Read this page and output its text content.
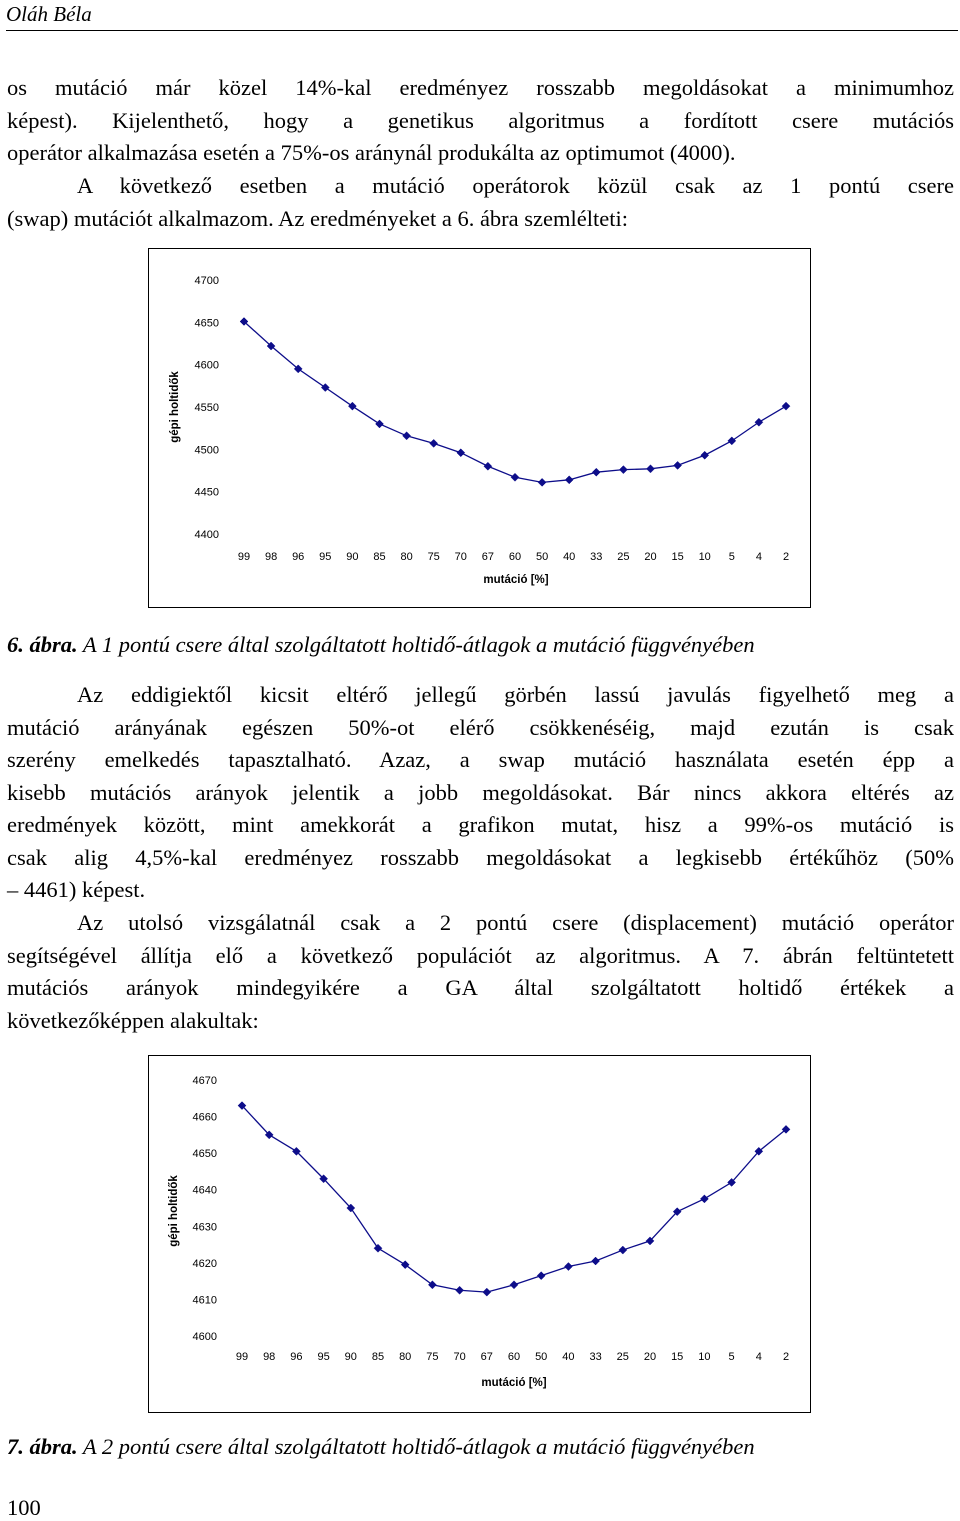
Oláh Béla
os mutáció már közel 14%-kal eredményez rosszabb megoldásokat a minimumhoz
képest). Kijelenthető, hogy a genetikus algoritmus a fordított csere mutációs
operátor alkalmazása esetén a 75%-os aránynál produkálta az optimumot (4000).
A következő esetben a mutáció operátorok közül csak az 1 pontú csere
(swap) mutációt alkalmazom. Az eredményeket a 6. ábra szemlélteti:
4700
4650
4600
4550
4500
4450
4400
99 98 96 95 90 85 80 75 70 67 60 50 40 33 25 20 15 10 5 4 2
mutáció [%]
gépi holtidők
6. ábra. A 1 pontú csere által szolgáltatott holtidő-átlagok a mutáció függvényében
Az eddigiektől kicsit eltérő jellegű görbén lassú javulás figyelhető meg a
mutáció arányának egészen 50%-ot elérő csökkenéséig, majd ezután is csak
szerény emelkedés tapasztalható. Azaz, a swap mutáció használata esetén épp a
kisebb mutációs arányok jelentik a jobb megoldásokat. Bár nincs akkora eltérés az
eredmények között, mint amekkorát a grafikon mutat, hisz a 99%-os mutáció is
csak alig 4,5%-kal eredményez rosszabb megoldásokat a legkisebb értékűhöz (50%
– 4461) képest.
Az utolsó vizsgálatnál csak a 2 pontú csere (displacement) mutáció operátor
segítségével állítja elő a következő populációt az algoritmus. A 7. ábrán feltüntetett
mutációs arányok mindegyikére a GA által szolgáltatott holtidő értékek a
következőképpen alakultak:
4670
4660
4650
4640
4630
4620
4610
4600
99 98 96 95 90 85 80 75 70 67 60 50 40 33 25 20 15 10 5 4 2
mutáció [%]
gépi holtidők
7. ábra. A 2 pontú csere által szolgáltatott holtidő-átlagok a mutáció függvényében
100
